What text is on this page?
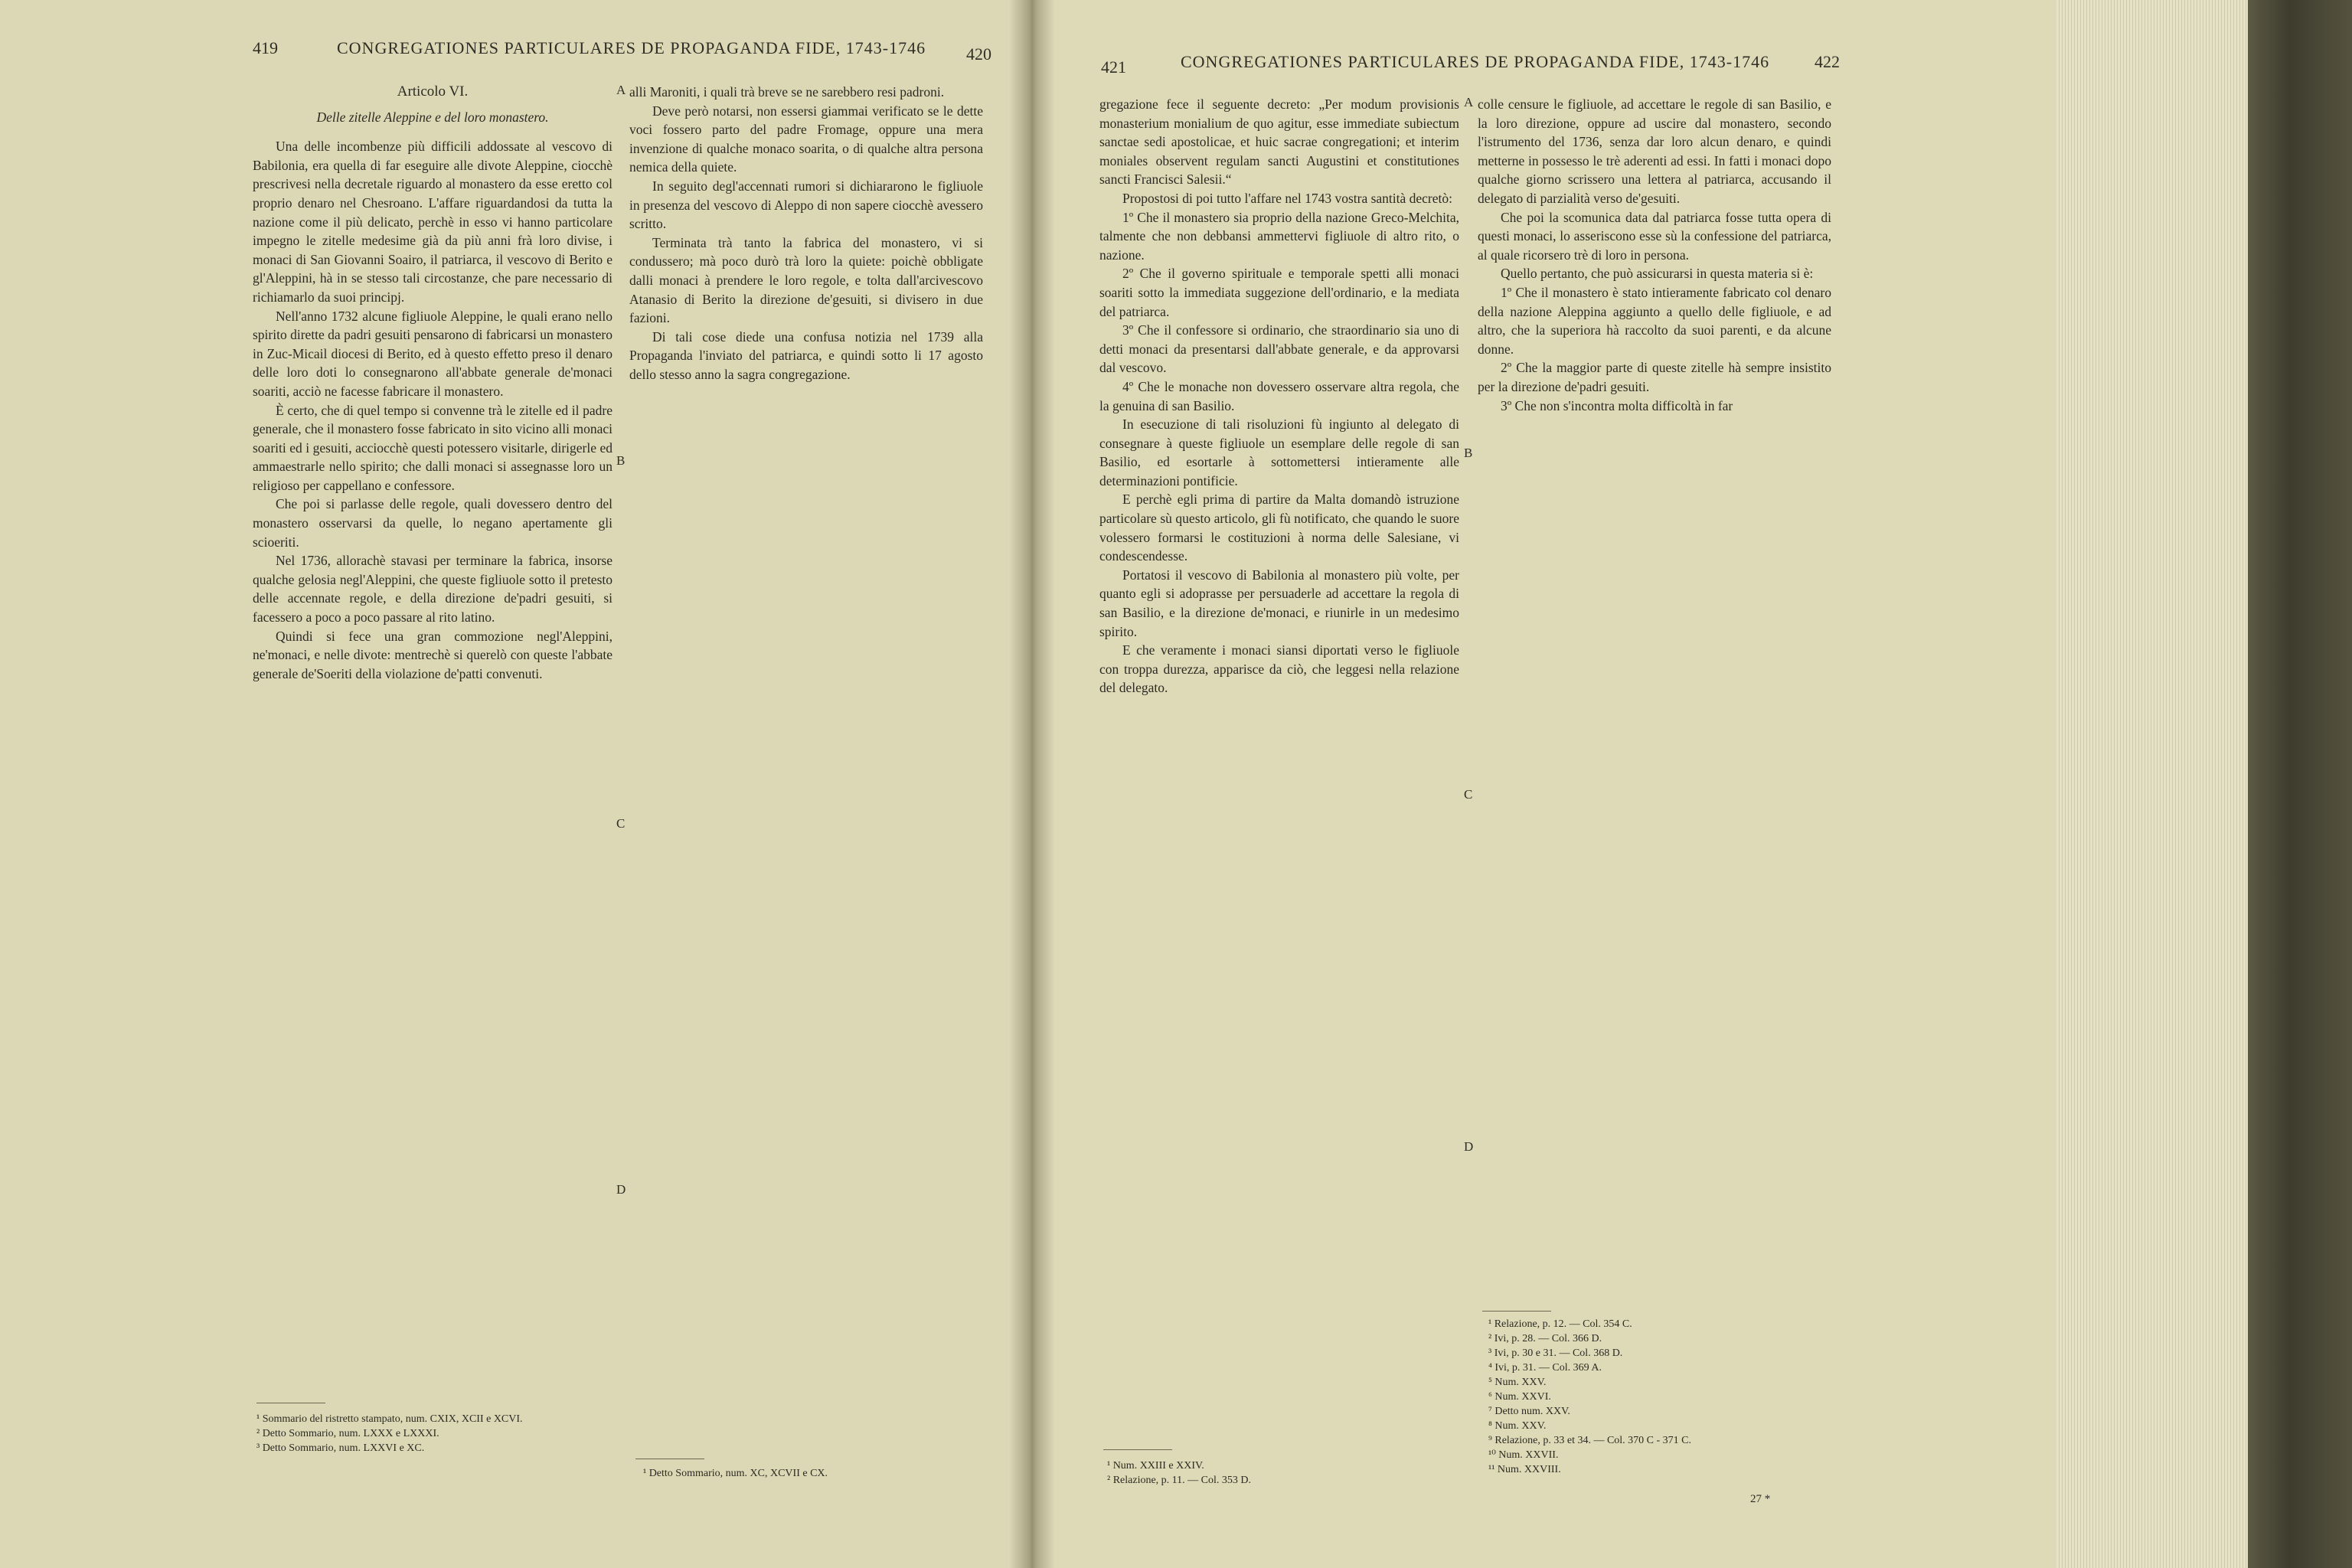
419	CONGREGATIONES PARTICULARES DE PROPAGANDA FIDE, 1743-1746 420

Articolo VI.

Delle zitelle Aleppine e del loro monastero.

Una delle incombenze più difficili addossate al vescovo di Babilonia, era quella di far eseguire alle divote Aleppine, ciocchè prescrivesi nella decretale riguardo al monastero da esse eretto col proprio denaro nel Chesroano. L'affare riguardandosi da tutta la nazione come il più delicato, perchè in esso vi hanno particolare impegno le zitelle medesime già da più anni frà loro divise, i monaci di San Giovanni Soairo, il patriarca, il vescovo di Berito e gl'Aleppini, hà in se stesso tali circostanze, che pare necessario di richiamarlo da suoi principj.

Nell'anno 1732 alcune figliuole Aleppine, le quali erano nello spirito dirette da padri gesuiti pensarono di fabricarsi un monastero in Zuc-Micail diocesi di Berito, ed à questo effetto preso il denaro delle loro doti lo consegnarono all'abbate generale de'monaci soariti, acciò ne facesse fabricare il monastero.

È certo, che di quel tempo si convenne trà le zitelle ed il padre generale, che il monastero fosse fabricato in sito vicino alli monaci soariti ed i gesuiti, acciocchè questi potessero visitarle, dirigerle ed ammaestrarle nello spirito; che dalli monaci si assegnasse loro un religioso per cappellano e confessore.

Che poi si parlasse delle regole, quali dovessero dentro del monastero osservarsi da quelle, lo negano apertamente gli scioeriti.

Nel 1736, allorachè stavasi per terminare la fabrica, insorse qualche gelosia negl'Aleppini, che queste figliuole sotto il pretesto delle accennate regole, e della direzione de'padri gesuiti, si facessero a poco a poco passare al rito latino.

Quindi si fece una gran commozione negl'Aleppini, ne'monaci, e nelle divote: mentrechè si querelò con queste l'abbate generale de'Soeriti della violazione de'patti convenuti.

A
B
C
D

alli Maroniti, i quali trà breve se ne sarebbero resi padroni.

Deve però notarsi, non essersi giammai verificato se le dette voci fossero parto del padre Fromage, oppure una mera invenzione di qualche monaco soarita, o di qualche altra persona nemica della quiete.

In seguito degl'accennati rumori si dichiararono le figliuole in presenza del vescovo di Aleppo di non sapere ciocchè avessero scritto.

Terminata trà tanto la fabrica del monastero, vi si condussero; mà poco durò trà loro la quiete: poichè obbligate dalli monaci à prendere le loro regole, e tolta dall'arcivescovo Atanasio di Berito la direzione de'gesuiti, si divisero in due fazioni.

Di tali cose diede una confusa notizia nel 1739 alla Propaganda l'inviato del patriarca, e quindi sotto li 17 agosto dello stesso anno la sagra congregazione.

¹ Sommario del ristretto stampato, num. CXIX, XCII e XCVI.
² Detto Sommario, num. LXXX e LXXXI.
³ Detto Sommario, num. LXXVI e XC.
¹ Detto Sommario, num. XC, XCVII e CX.
421	CONGREGATIONES PARTICULARES DE PROPAGANDA FIDE, 1743-1746	422

gregazione fece il seguente decreto: „Per modum provisionis monasterium monialium de quo agitur, esse immediate subiectum sanctae sedi apostolicae, et huic sacrae congregationi; et interim moniales observent regulam sancti Augustini et constitutiones sancti Francisci Salesii.“

Propostosi di poi tutto l'affare nel 1743 vostra santità decretò:

1º Che il monastero sia proprio della nazione Greco-Melchita, talmente che non debbansi ammettervi figliuole di altro rito, o nazione.

2º Che il governo spirituale e temporale spetti alli monaci soariti sotto la immediata suggezione dell'ordinario, e la mediata del patriarca.

3º Che il confessore si ordinario, che straordinario sia uno di detti monaci da presentarsi dall'abbate generale, e da approvarsi dal vescovo.

4º Che le monache non dovessero osservare altra regola, che la genuina di san Basilio.

In esecuzione di tali risoluzioni fù ingiunto al delegato di consegnare à queste figliuole un esemplare delle regole di san Basilio, ed esortarle à sottomettersi intieramente alle determinazioni pontificie.

E perchè egli prima di partire da Malta domandò istruzione particolare sù questo articolo, gli fù notificato, che quando le suore volessero formarsi le costituzioni à norma delle Salesiane, vi condescendesse.

Portatosi il vescovo di Babilonia al monastero più volte, per quanto egli si adoprasse per persuaderle ad accettare la regola di san Basilio, e la direzione de'monaci, e riunirle in un medesimo spirito.

E che veramente i monaci siansi diportati verso le figliuole con troppa durezza, apparisce da ciò, che leggesi nella relazione del delegato.

A
B
C
D

colle censure le figliuole, ad accettare le regole di san Basilio, e la loro direzione, oppure ad uscire dal monastero, secondo l'istrumento del 1736, senza dar loro alcun denaro, e quindi metterne in possesso le trè aderenti ad essi. In fatti i monaci dopo qualche giorno scrissero una lettera al patriarca, accusando il delegato di parzialità verso de'gesuiti.

Che poi la scomunica data dal patriarca fosse tutta opera di questi monaci, lo asseriscono esse sù la confessione del patriarca, al quale ricorsero trè di loro in persona.

Quello pertanto, che può assicurarsi in questa materia si è:

1º Che il monastero è stato intieramente fabricato col denaro della nazione Aleppina aggiunto a quello delle figliuole, e ad altro, che la superiora hà raccolto da suoi parenti, e da alcune donne.

2º Che la maggior parte di queste zitelle hà sempre insistito per la direzione de'padri gesuiti.

3º Che non s'incontra molta difficoltà in far

¹ Num. XXIII e XXIV.
² Relazione, p. 11. — Col. 353 D.
¹ Relazione, p. 12. — Col. 354 C.
² Ivi, p. 28. — Col. 366 D.
³ Ivi, p. 30 e 31. — Col. 368 D.
⁴ Ivi, p. 31. — Col. 369 A.
⁵ Num. XXV.
⁶ Num. XXVI.
⁷ Detto num. XXV.
⁸ Num. XXV.
⁹ Relazione, p. 33 et 34. — Col. 370 C - 371 C.
¹⁰ Num. XXVII.
¹¹ Num. XXVIII.
27 *
